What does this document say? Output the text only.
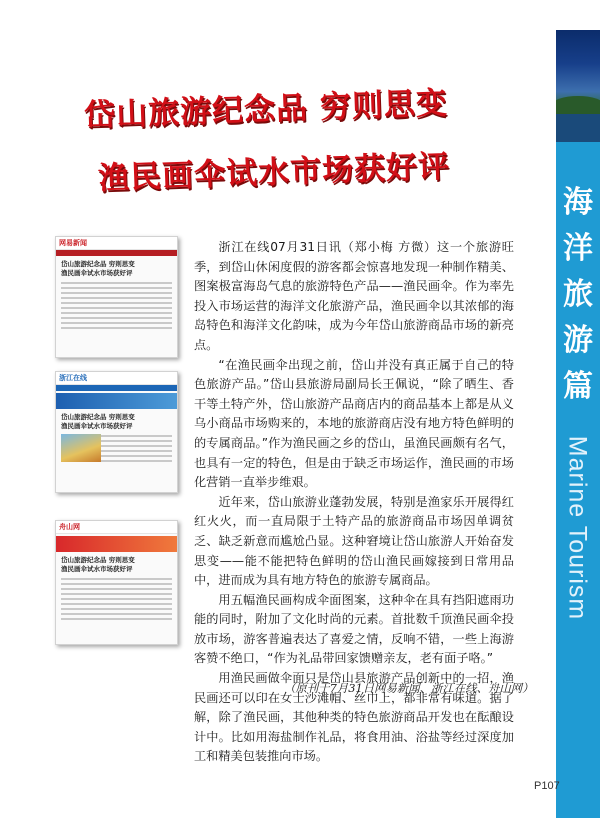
海
洋
旅
游
篇
Marine Tourism
岱山旅游纪念品 穷则思变
渔民画伞试水市场获好评
网易新闻
岱山旅游纪念品 穷则思变
渔民画伞试水市场获好评
浙江在线
岱山旅游纪念品 穷则思变
渔民画伞试水市场获好评
舟山网
岱山旅游纪念品 穷则思变
渔民画伞试水市场获好评

浙江在线07月31日讯（郑小梅 方微）这一个旅游旺季，到岱山休闲度假的游客都会惊喜地发现一种制作精美、图案极富海岛气息的旅游特色产品——渔民画伞。作为率先投入市场运营的海洋文化旅游产品，渔民画伞以其浓郁的海岛特色和海洋文化韵味，成为今年岱山旅游商品市场的新亮点。

“在渔民画伞出现之前，岱山并没有真正属于自己的特色旅游产品。”岱山县旅游局副局长王佩说，“除了晒生、香干等土特产外，岱山旅游产品商店内的商品基本上都是从义乌小商品市场购来的，本地的旅游商店没有地方特色鲜明的的专属商品。”作为渔民画之乡的岱山，虽渔民画颇有名气，也具有一定的特色，但是由于缺乏市场运作，渔民画的市场化营销一直举步维艰。

近年来，岱山旅游业蓬勃发展，特别是渔家乐开展得红红火火，而一直局限于土特产品的旅游商品市场因单调贫乏、缺乏新意而尴尬凸显。这种窘境让岱山旅游人开始奋发思变——能不能把特色鲜明的岱山渔民画嫁接到日常用品中，进而成为具有地方特色的旅游专属商品。

用五幅渔民画构成伞面图案，这种伞在具有挡阳遮雨功能的同时，附加了文化时尚的元素。首批数千顶渔民画伞投放市场，游客普遍表达了喜爱之情，反响不错，一些上海游客赞不绝口，“作为礼品带回家馈赠亲友，老有面子咯。”

用渔民画做伞面只是岱山县旅游产品创新中的一招，渔民画还可以印在女士沙滩帽、丝巾上，都非常有味道。据了解，除了渔民画，其他种类的特色旅游商品开发也在酝酿设计中。比如用海盐制作礼品，将食用油、浴盐等经过深度加工和精美包装推向市场。

（原刊于7月31日网易新闻、浙江在线、舟山网）
P107
